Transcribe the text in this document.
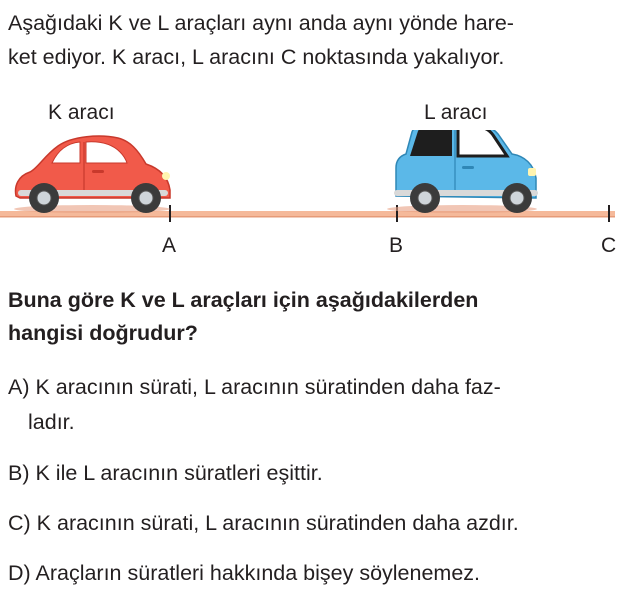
Aşağıdaki K ve L araçları aynı anda aynı yönde hare-
ket ediyor. K aracı, L aracını C noktasında yakalıyor.
K aracı	L aracı
A	B	C
Buna göre K ve L araçları için aşağıdakilerden
hangisi doğrudur?
A) K aracının sürati, L aracının süratinden daha faz-
ladır.
B) K ile L aracının süratleri eşittir.
C) K aracının sürati, L aracının süratinden daha azdır.
D) Araçların süratleri hakkında bişey söylenemez.
